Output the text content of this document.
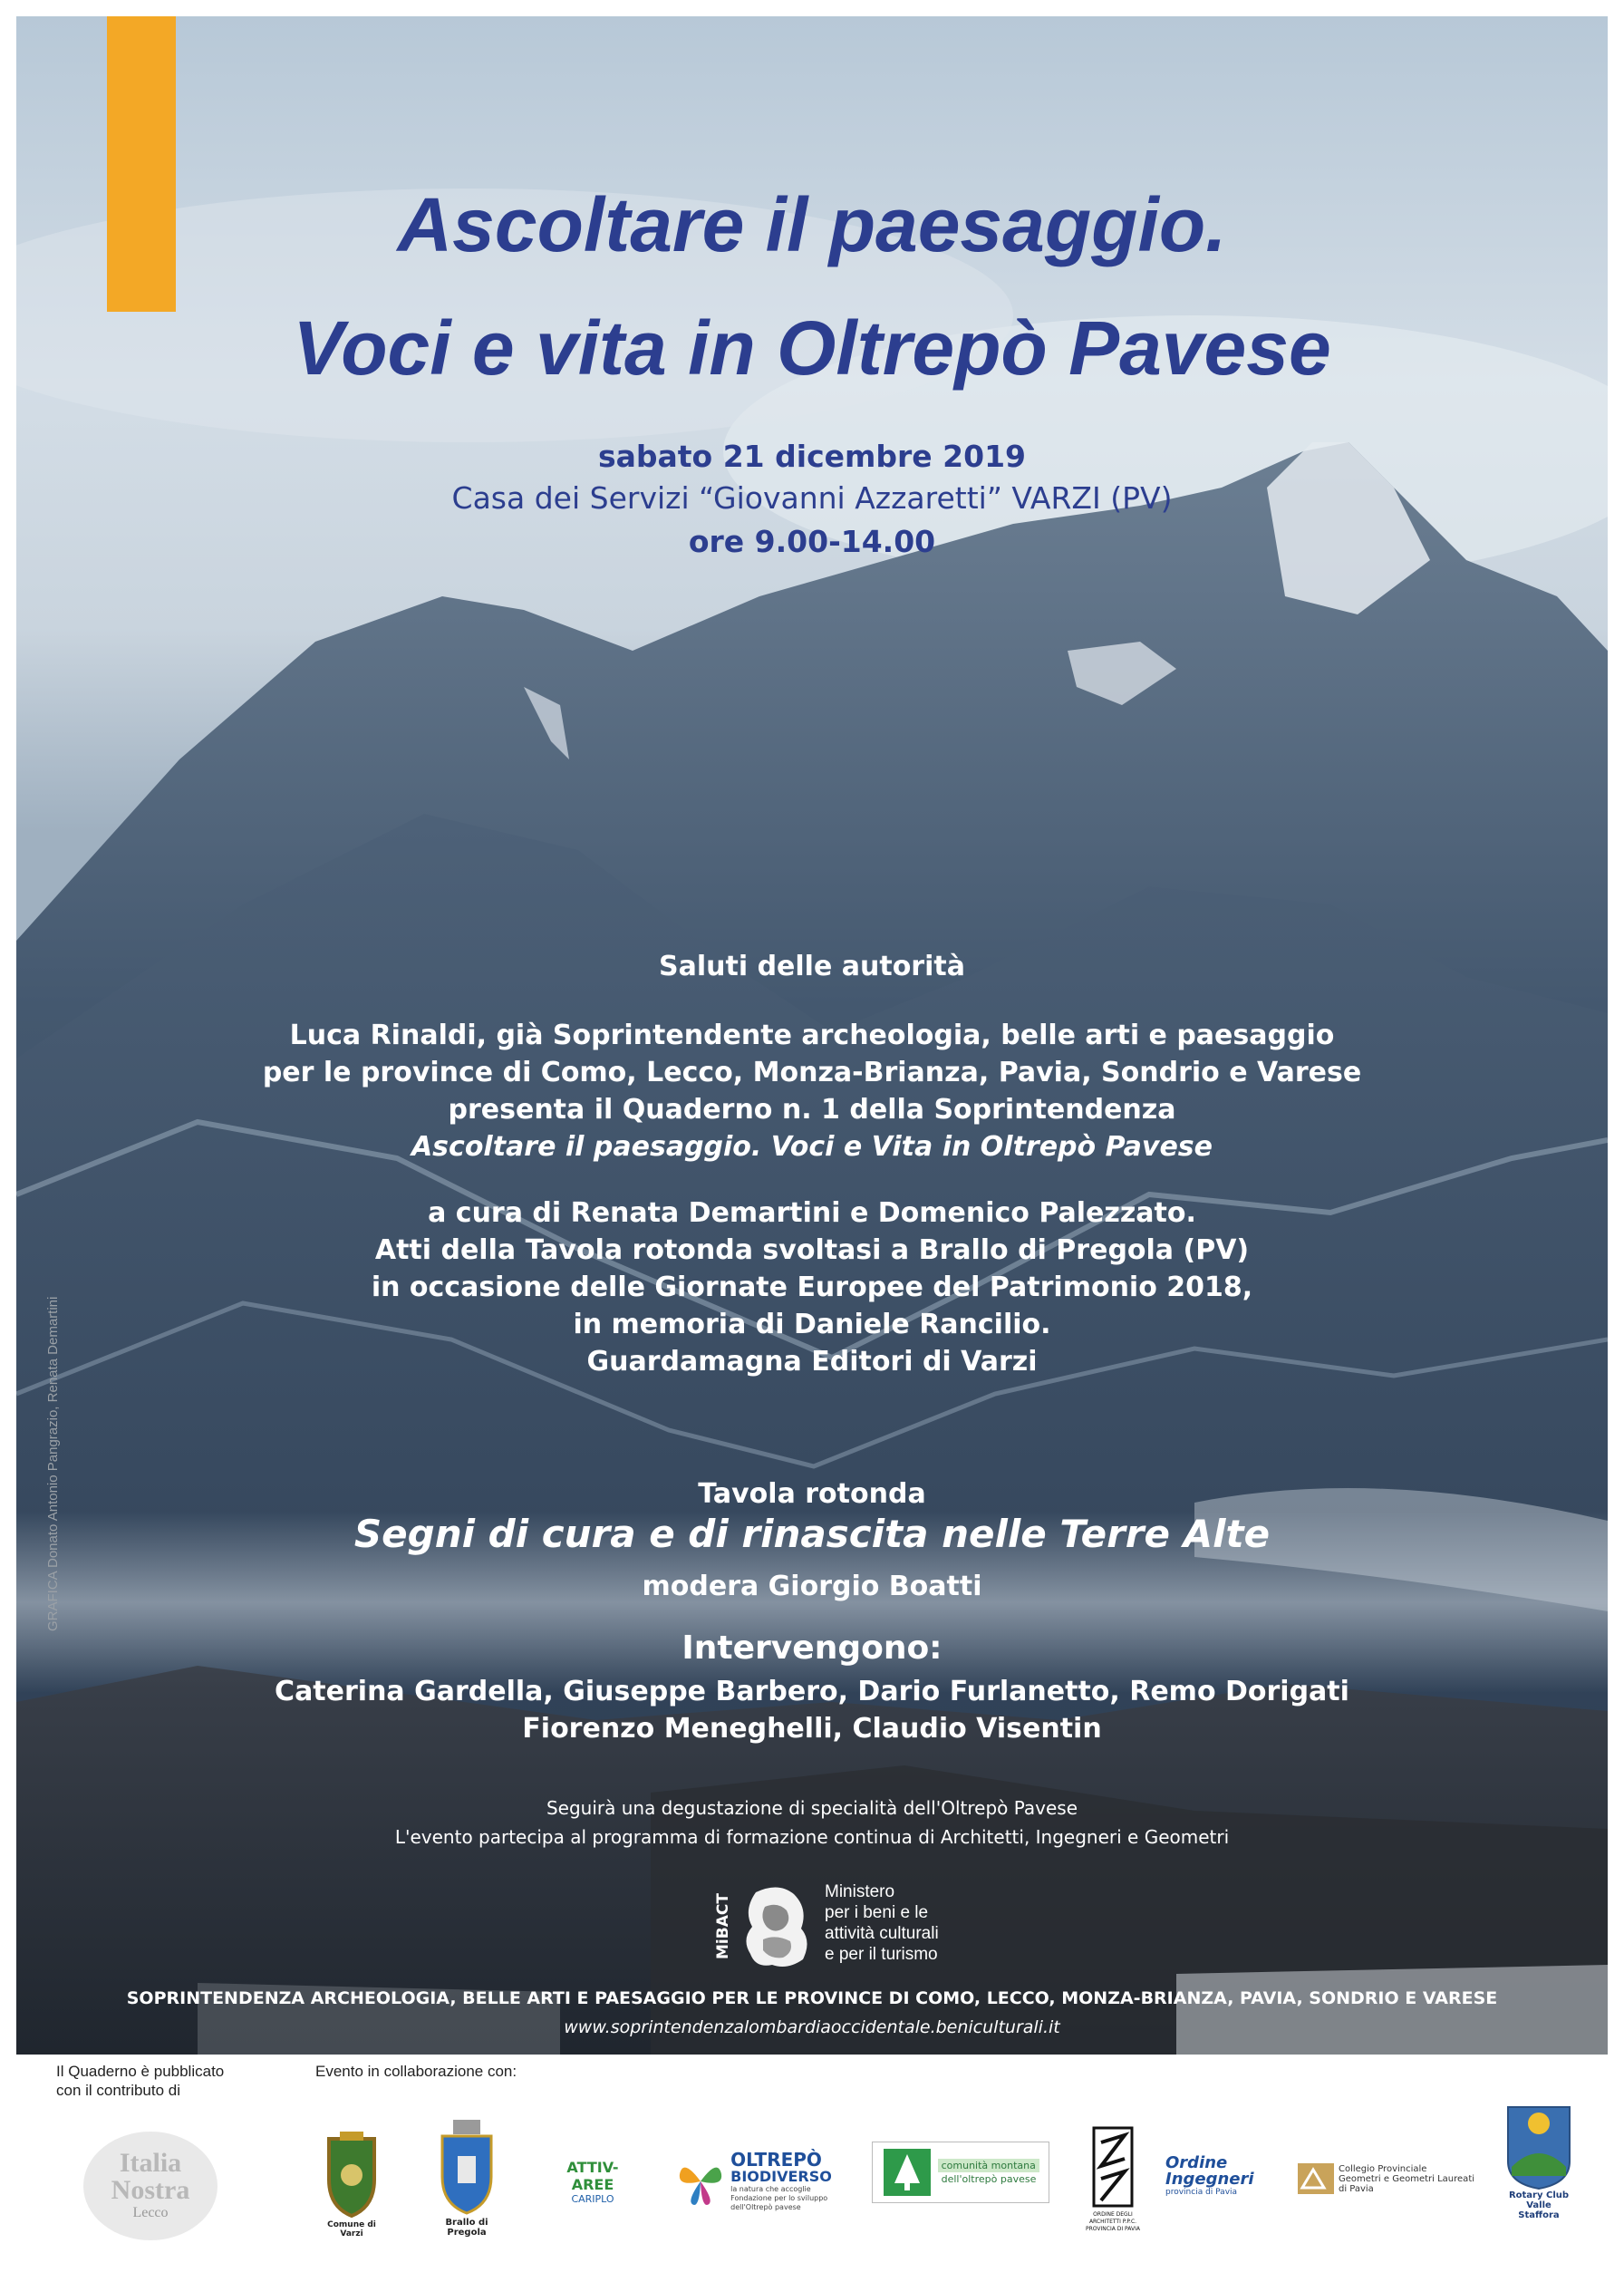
Ascoltare il paesaggio.
Voci e vita in Oltrepò Pavese

sabato 21 dicembre 2019

Casa dei Servizi “Giovanni Azzaretti” VARZI (PV)

ore 9.00-14.00

Saluti delle autorità

Luca Rinaldi, già Soprintendente archeologia, belle arti e paesaggio

per le province di Como, Lecco, Monza-Brianza, Pavia, Sondrio e Varese

presenta il Quaderno n. 1 della Soprintendenza

Ascoltare il paesaggio. Voci e Vita in Oltrepò Pavese

a cura di Renata Demartini e Domenico Palezzato.

Atti della Tavola rotonda svoltasi a Brallo di Pregola (PV)

in occasione delle Giornate Europee del Patrimonio 2018,

in memoria di Daniele Rancilio.

Guardamagna Editori di Varzi

Tavola rotonda

Segni di cura e di rinascita nelle Terre Alte

modera Giorgio Boatti

Intervengono:

Caterina Gardella, Giuseppe Barbero, Dario Furlanetto, Remo Dorigati

Fiorenzo Meneghelli, Claudio Visentin

Seguirà una degustazione di specialità dell'Oltrepò Pavese

L'evento partecipa al programma di formazione continua di Architetti, Ingegneri e Geometri

MiBACT
Ministero
per i beni e le
attività culturali
e per il turismo

SOPRINTENDENZA ARCHEOLOGIA, BELLE ARTI E PAESAGGIO PER LE PROVINCE DI COMO, LECCO, MONZA-BRIANZA, PAVIA, SONDRIO E VARESE

www.soprintendenzalombardiaoccidentale.beniculturali.it

GRAFICA Donato Antonio Pangrazio, Renata Demartini
Il Quaderno è pubblicato
con il contributo di
Evento in collaborazione con:
Italia
Nostra
Lecco
Comune di Varzi
Brallo di Pregola
ATTIV-AREE
CARIPLO
OLTREPÒ
BIODIVERSO
la natura che accoglie
Fondazione per lo sviluppo
dell'Oltrepò pavese
comunità montana
dell'oltrepò pavese
ORDINE DEGLI ARCHITETTI P.P.C. PROVINCIA DI PAVIA
Ordine
Ingegneri
provincia di Pavia
Collegio Provinciale
Geometri e Geometri Laureati
di Pavia
Rotary Club
Valle Staffora
